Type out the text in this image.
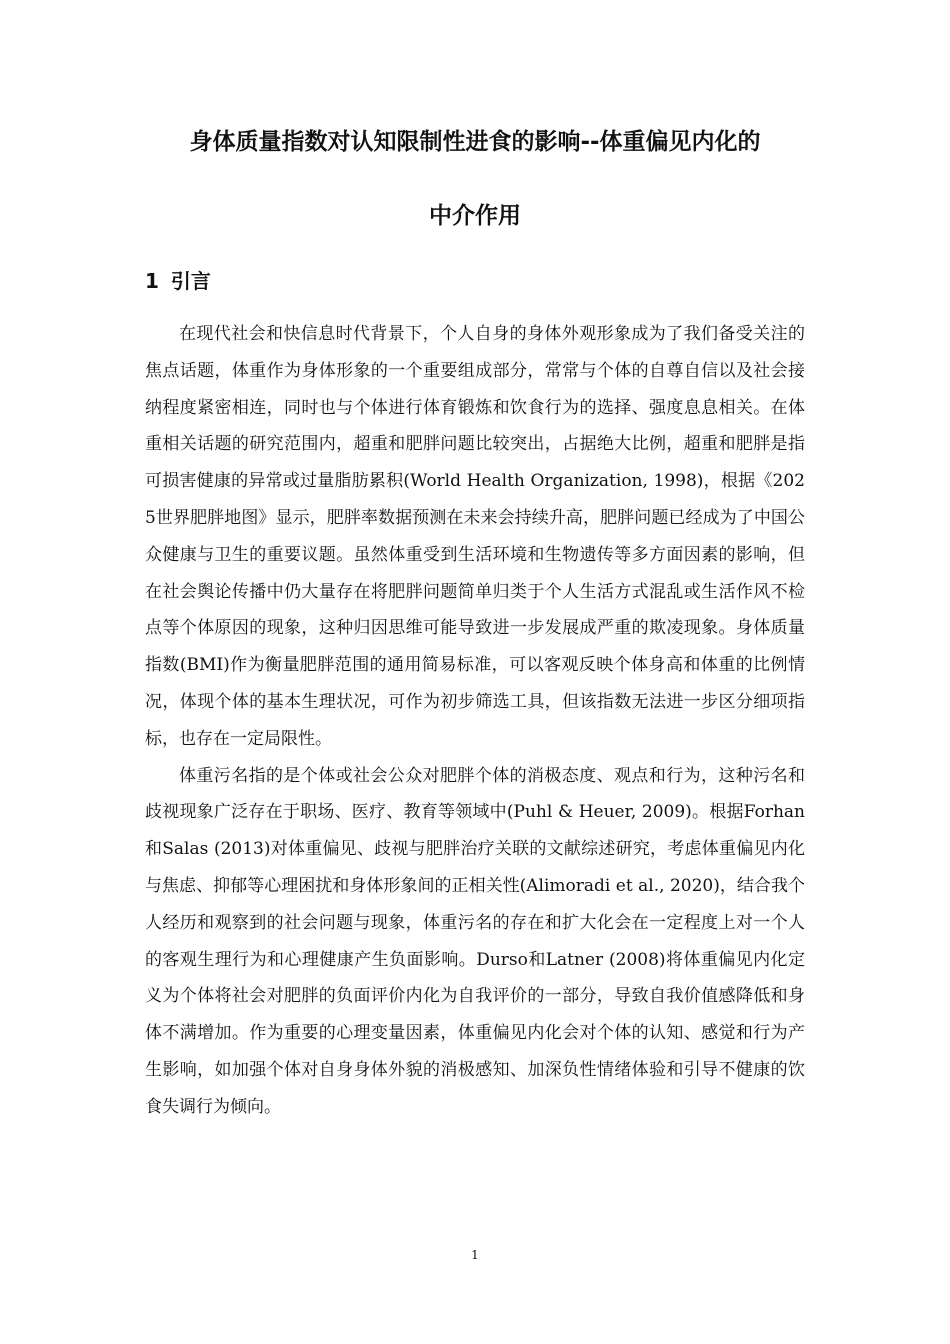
身体质量指数对认知限制性进食的影响--体重偏见内化的
中介作用
1 引言

在现代社会和快信息时代背景下，个人自身的身体外观形象成为了我们备受关注的焦点话题，体重作为身体形象的一个重要组成部分，常常与个体的自尊自信以及社会接纳程度紧密相连，同时也与个体进行体育锻炼和饮食行为的选择、强度息息相关。在体重相关话题的研究范围内，超重和肥胖问题比较突出，占据绝大比例，超重和肥胖是指可损害健康的异常或过量脂肪累积(World Health Organization, 1998)，根据《2025世界肥胖地图》显示，肥胖率数据预测在未来会持续升高，肥胖问题已经成为了中国公众健康与卫生的重要议题。虽然体重受到生活环境和生物遗传等多方面因素的影响，但在社会舆论传播中仍大量存在将肥胖问题简单归类于个人生活方式混乱或生活作风不检点等个体原因的现象，这种归因思维可能导致进一步发展成严重的欺凌现象。身体质量指数(BMI)作为衡量肥胖范围的通用简易标准，可以客观反映个体身高和体重的比例情况，体现个体的基本生理状况，可作为初步筛选工具，但该指数无法进一步区分细项指标，也存在一定局限性。

体重污名指的是个体或社会公众对肥胖个体的消极态度、观点和行为，这种污名和歧视现象广泛存在于职场、医疗、教育等领域中(Puhl & Heuer, 2009)。根据Forhan和Salas (2013)对体重偏见、歧视与肥胖治疗关联的文献综述研究，考虑体重偏见内化与焦虑、抑郁等心理困扰和身体形象间的正相关性(Alimoradi et al., 2020)，结合我个人经历和观察到的社会问题与现象，体重污名的存在和扩大化会在一定程度上对一个人的客观生理行为和心理健康产生负面影响。Durso和Latner (2008)将体重偏见内化定义为个体将社会对肥胖的负面评价内化为自我评价的一部分，导致自我价值感降低和身体不满增加。作为重要的心理变量因素，体重偏见内化会对个体的认知、感觉和行为产生影响，如加强个体对自身身体外貌的消极感知、加深负性情绪体验和引导不健康的饮食失调行为倾向。

1
